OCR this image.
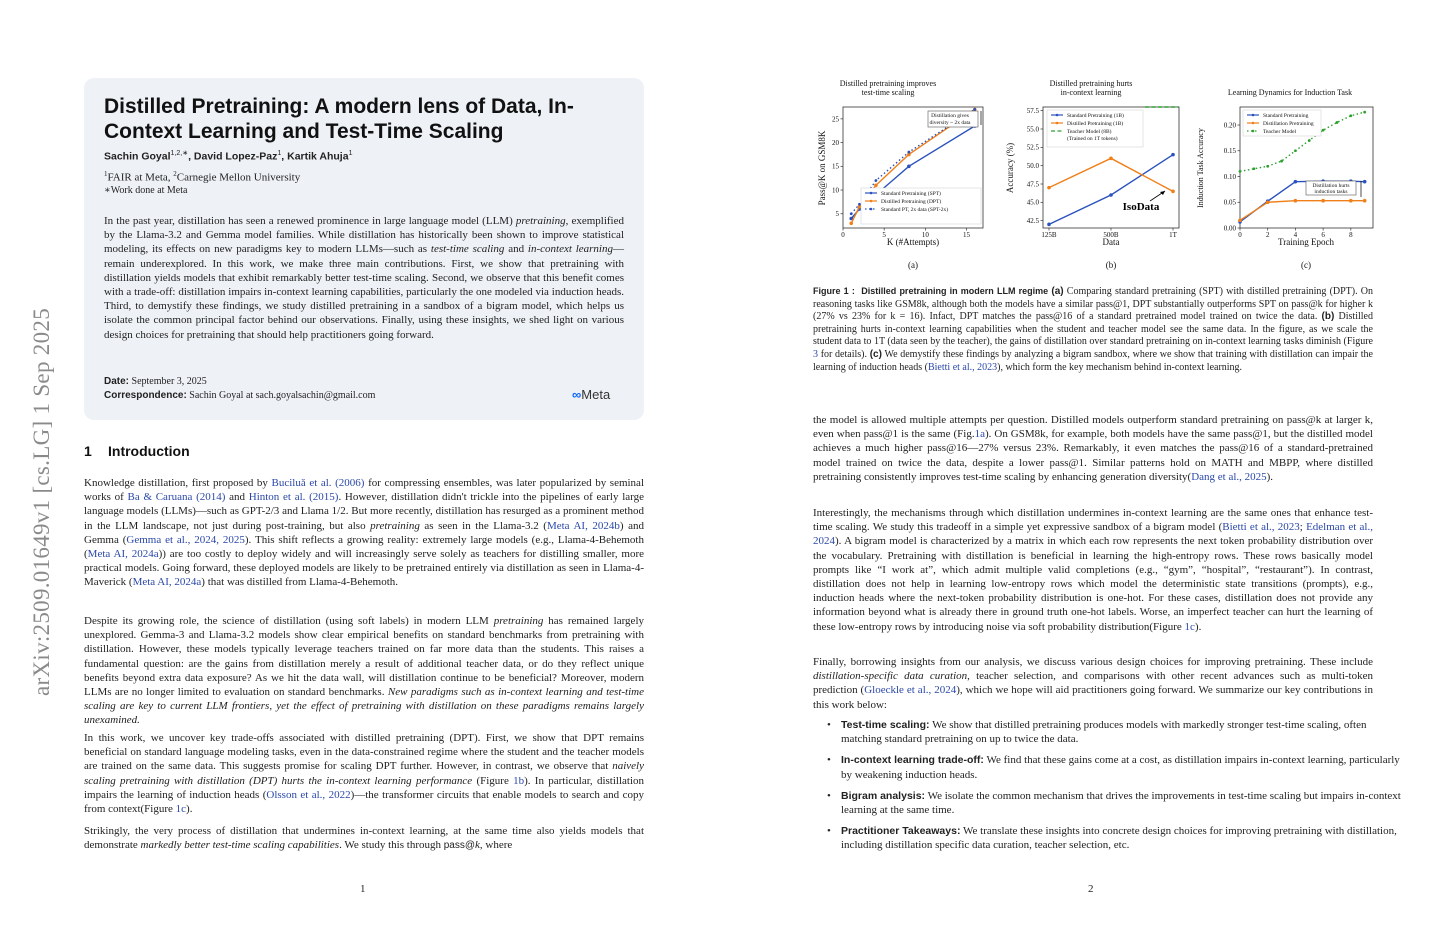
arXiv:2509.01649v1 [cs.LG] 1 Sep 2025
Distilled Pretraining: A modern lens of Data, In-Context Learning and Test-Time Scaling
Sachin Goyal$^{1,2,∗}$, David Lopez-Paz$^1$, Kartik Ahuja$^1$
$^1$FAIR at Meta, $^2$Carnegie Mellon University
∗Work done at Meta

In the past year, distillation has seen a renewed prominence in large language model (LLM) pretraining, exemplified by the Llama-3.2 and Gemma model families. While distillation has historically been shown to improve statistical modeling, its effects on new paradigms key to modern LLMs—such as test-time scaling and in-context learning—remain underexplored. In this work, we make three main contributions. First, we show that pretraining with distillation yields models that exhibit remarkably better test-time scaling. Second, we observe that this benefit comes with a trade-off: distillation impairs in-context learning capabilities, particularly the one modeled via induction heads. Third, to demystify these findings, we study distilled pretraining in a sandbox of a bigram model, which helps us isolate the common principal factor behind our observations. Finally, using these insights, we shed light on various design choices for pretraining that should help practitioners going forward.

Date: September 3, 2025
Correspondence: Sachin Goyal at sach.goyalsachin@gmail.com	∞Meta
1 Introduction

Knowledge distillation, first proposed by Buciluǎ et al. (2006) for compressing ensembles, was later popularized by seminal works of Ba & Caruana (2014) and Hinton et al. (2015). However, distillation didn't trickle into the pipelines of early large language models (LLMs)—such as GPT-2/3 and Llama 1/2. But more recently, distillation has resurged as a prominent method in the LLM landscape, not just during post-training, but also pretraining as seen in the Llama-3.2 (Meta AI, 2024b) and Gemma (Gemma et al., 2024, 2025). This shift reflects a growing reality: extremely large models (e.g., Llama-4-Behemoth (Meta AI, 2024a)) are too costly to deploy widely and will increasingly serve solely as teachers for distilling smaller, more practical models. Going forward, these deployed models are likely to be pretrained entirely via distillation as seen in Llama-4-Maverick (Meta AI, 2024a) that was distilled from Llama-4-Behemoth.

Despite its growing role, the science of distillation (using soft labels) in modern LLM pretraining has remained largely unexplored. Gemma-3 and Llama-3.2 models show clear empirical benefits on standard benchmarks from pretraining with distillation. However, these models typically leverage teachers trained on far more data than the students. This raises a fundamental question: are the gains from distillation merely a result of additional teacher data, or do they reflect unique benefits beyond extra data exposure? As we hit the data wall, will distillation continue to be beneficial? Moreover, modern LLMs are no longer limited to evaluation on standard benchmarks. New paradigms such as in-context learning and test-time scaling are key to current LLM frontiers, yet the effect of pretraining with distillation on these paradigms remains largely unexamined.

In this work, we uncover key trade-offs associated with distilled pretraining (DPT). First, we show that DPT remains beneficial on standard language modeling tasks, even in the data-constrained regime where the student and the teacher models are trained on the same data. This suggests promise for scaling DPT further. However, in contrast, we observe that naively scaling pretraining with distillation (DPT) hurts the in-context learning performance (Figure 1b). In particular, distillation impairs the learning of induction heads (Olsson et al., 2022)—the transformer circuits that enable models to search and copy from context(Figure 1c).

Strikingly, the very process of distillation that undermines in-context learning, at the same time also yields models that demonstrate markedly better test-time scaling capabilities. We study this through pass@k, where

1
Distilled pretraining improves
test-time scaling
0	5	10	15
5
10
15
20
25
K (#Attempts)
Pass@K on GSM8K
Distillation gives
diversity ~ 2x data
Standard Pretraining (SPT)
Distilled Pretraining (DPT)
Standard PT, 2x data (SPT-2x)
(a)
Distilled pretraining hurts
in-context learning
125B	500B	1T
42.5
45.0
47.5
50.0
52.5
55.0
57.5
Data
Accuracy (%)
IsoData
Standard Pretraining (1B)
Distilled Pretraining (1B)
Teacher Model (8B)
(Trained on 1T tokens)
(b)
Learning Dynamics for Induction Task
0	2	4	6	8
0.00
0.05
0.10
0.15
0.20
Training Epoch
Induction Task Accuracy	Distillation hurts
induction tasks
Standard Pretraining
Distillation Pretraining
Teacher Model
(c)

Figure 1 : Distilled pretraining in modern LLM regime (a) Comparing standard pretraining (SPT) with distilled pretraining (DPT). On reasoning tasks like GSM8k, although both the models have a similar pass@1, DPT substantially outperforms SPT on pass@k for higher k (27% vs 23% for k = 16). Infact, DPT matches the pass@16 of a standard pretrained model trained on twice the data. (b) Distilled pretraining hurts in-context learning capabilities when the student and teacher model see the same data. In the figure, as we scale the student data to 1T (data seen by the teacher), the gains of distillation over standard pretraining on in-context learning tasks diminish (Figure 3 for details). (c) We demystify these findings by analyzing a bigram sandbox, where we show that training with distillation can impair the learning of induction heads (Bietti et al., 2023), which form the key mechanism behind in-context learning.

the model is allowed multiple attempts per question. Distilled models outperform standard pretraining on pass@k at larger k, even when pass@1 is the same (Fig.1a). On GSM8k, for example, both models have the same pass@1, but the distilled model achieves a much higher pass@16—27% versus 23%. Remarkably, it even matches the pass@16 of a standard-pretrained model trained on twice the data, despite a lower pass@1. Similar patterns hold on MATH and MBPP, where distilled pretraining consistently improves test-time scaling by enhancing generation diversity(Dang et al., 2025).

Interestingly, the mechanisms through which distillation undermines in-context learning are the same ones that enhance test-time scaling. We study this tradeoff in a simple yet expressive sandbox of a bigram model (Bietti et al., 2023; Edelman et al., 2024). A bigram model is characterized by a matrix in which each row represents the next token probability distribution over the vocabulary. Pretraining with distillation is beneficial in learning the high-entropy rows. These rows basically model prompts like “I work at”, which admit multiple valid completions (e.g., “gym”, “hospital”, “restaurant”). In contrast, distillation does not help in learning low-entropy rows which model the deterministic state transitions (prompts), e.g., induction heads where the next-token probability distribution is one-hot. For these cases, distillation does not provide any information beyond what is already there in ground truth one-hot labels. Worse, an imperfect teacher can hurt the learning of these low-entropy rows by introducing noise via soft probability distribution(Figure 1c).

Finally, borrowing insights from our analysis, we discuss various design choices for improving pretraining. These include distillation-specific data curation, teacher selection, and comparisons with other recent advances such as multi-token prediction (Gloeckle et al., 2024), which we hope will aid practitioners going forward. We summarize our key contributions in this work below:

• Test-time scaling: We show that distilled pretraining produces models with markedly stronger test-time scaling, often matching standard pretraining on up to twice the data.
• In-context learning trade-off: We find that these gains come at a cost, as distillation impairs in-context learning, particularly by weakening induction heads.
• Bigram analysis: We isolate the common mechanism that drives the improvements in test-time scaling but impairs in-context learning at the same time.
• Practitioner Takeaways: We translate these insights into concrete design choices for improving pretraining with distillation, including distillation specific data curation, teacher selection, etc.
2
